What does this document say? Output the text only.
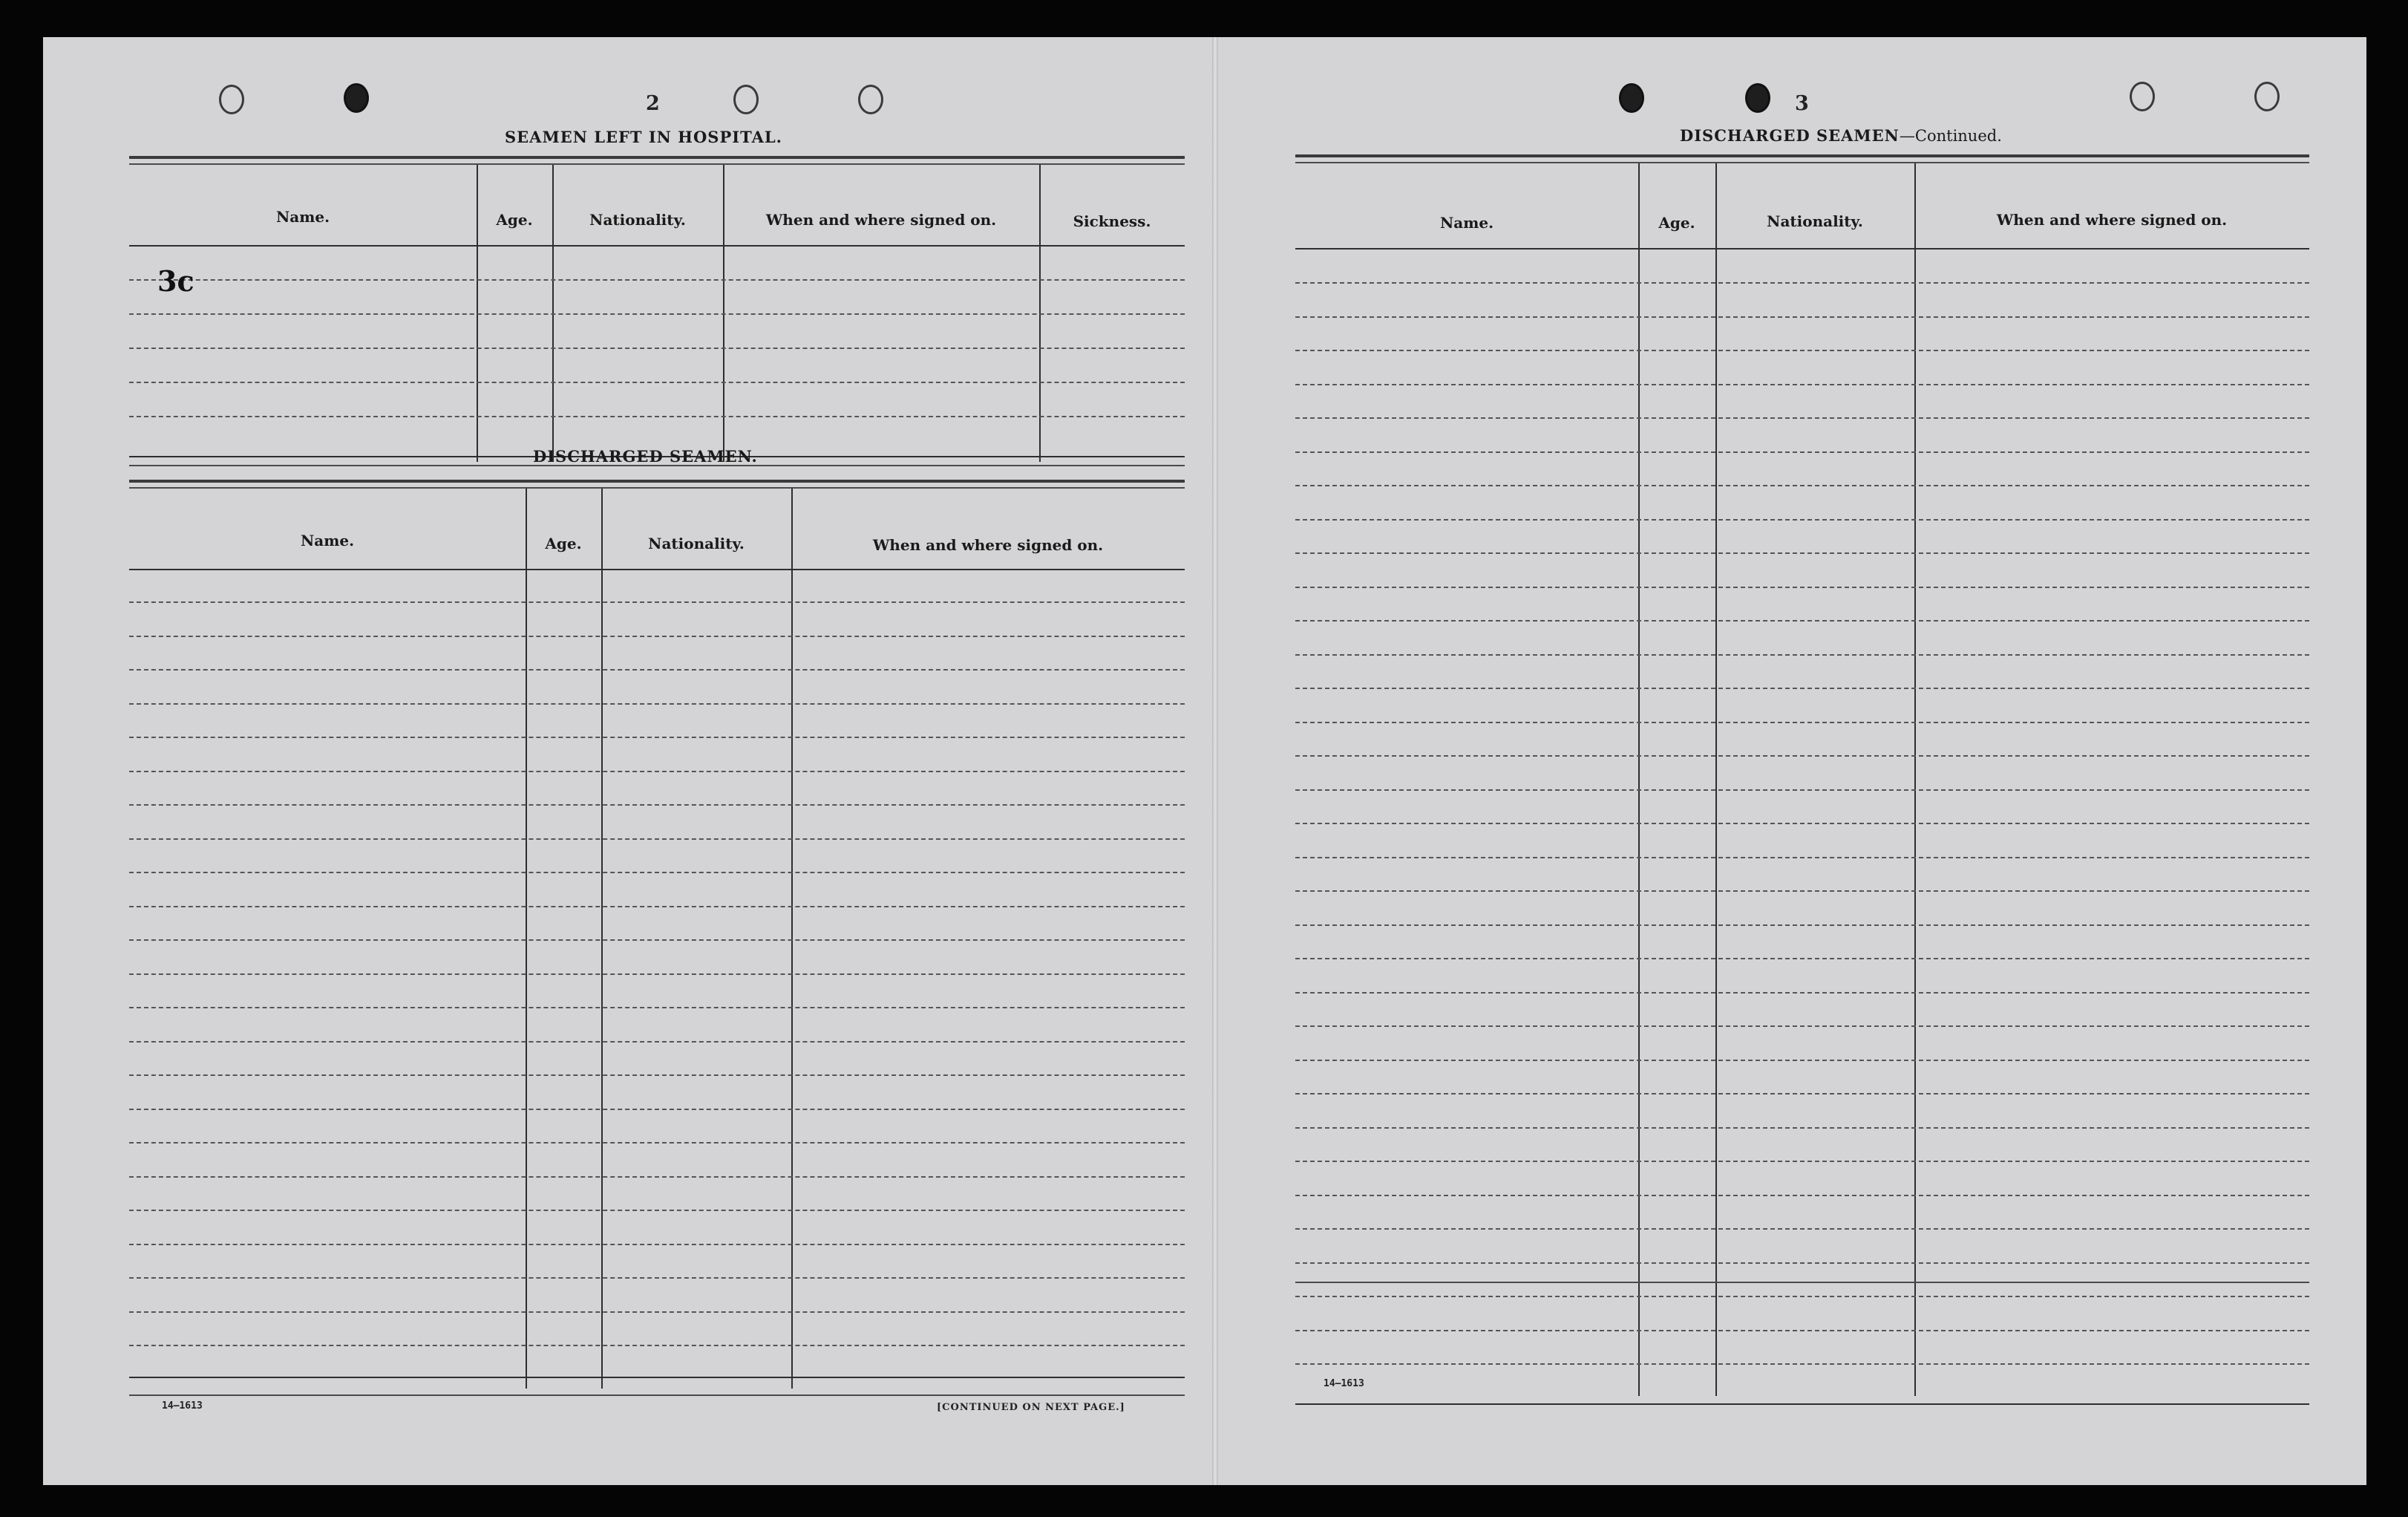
2
SEAMEN LEFT IN HOSPITAL.
Name.	Age.	Nationality.	When and where signed on.	Sickness.
3c
DISCHARGED SEAMEN.
Name.	Age.	Nationality.	When and where signed on.
14—1613	[CONTINUED ON NEXT PAGE.]
3
DISCHARGED SEAMEN—Continued.
Name.	Age.	Nationality.	When and where signed on.
14—1613
